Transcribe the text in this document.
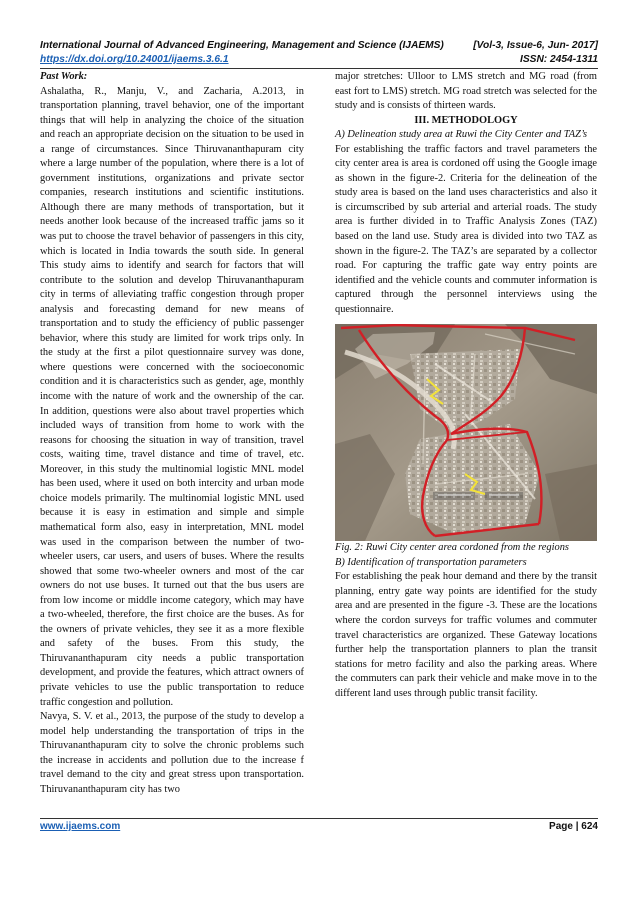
International Journal of Advanced Engineering, Management and Science (IJAEMS)	[Vol-3, Issue-6, Jun- 2017]
https://dx.doi.org/10.24001/ijaems.3.6.1	ISSN: 2454-1311

Past Work:

Ashalatha, R., Manju, V., and Zacharia, A.2013, in transportation planning, travel behavior, one of the important things that will help in analyzing the choice of the situation and reach an appropriate decision on the situation to be used in a range of circumstances. Since Thiruvananthapuram city where a large number of the population, where there is a lot of government institutions, organizations and private sector companies, research institutions and scientific institutions. Although there are many methods of transportation, but it needs another look because of the increased traffic jams so it was put to choose the travel behavior of passengers in this city, which is located in India towards the south side. In general This study aims to identify and search for factors that will contribute to the solution and develop Thiruvananthapuram city in terms of alleviating traffic congestion through proper analysis and forecasting demand for new means of transportation and to study the efficiency of public passenger behavior, where this study are limited for work trips only. In the study at the first a pilot questionnaire survey was done, where questions were concerned with the socioeconomic condition and it is characteristics such as gender, age, monthly income with the nature of work and the ownership of the car. In addition, questions were also about travel properties which included ways of transition from home to work with the reasons for choosing the situation in way of transition, travel costs, waiting time, travel distance and time of travel, etc. Moreover, in this study the multinomial logistic MNL model has been used, where it used on both intercity and urban mode choice models primarily. The multinomial logistic MNL used because it is easy in estimation and simple and simple mathematical form also, easy in interpretation, MNL model was used in the comparison between the number of two-wheeler users, car users, and users of buses. Where the results showed that some two-wheeler owners and most of the car owners do not use buses. It turned out that the bus users are from low income or middle income category, which may have a two-wheeled, therefore, the first choice are the buses. As for the owners of private vehicles, they see it as a more flexible and safety of the buses. From this study, the Thiruvananthapuram city needs a public transportation development, and provide the features, which attract owners of private vehicles to use the public transportation to reduce traffic congestion and pollution.

Navya, S. V. et al., 2013, the purpose of the study to develop a model help understanding the transportation of trips in the Thiruvananthapuram city to solve the chronic problems such the increase in accidents and pollution due to the increase f travel demand to the city and great stress upon transportation. Thiruvananthapuram city has two

major stretches: Ulloor to LMS stretch and MG road (from east fort to LMS) stretch. MG road stretch was selected for the study and is consists of thirteen wards.

III. METHODOLOGY

A) Delineation study area at Ruwi the City Center and TAZ’s

For establishing the traffic factors and travel parameters the city center area is area is cordoned off using the Google image as shown in the figure-2. Criteria for the delineation of the study area is based on the land uses characteristics and also it is circumscribed by sub arterial and arterial roads. The study area is further divided in to Traffic Analysis Zones (TAZ) based on the land use. Study area is divided into two TAZ as shown in the figure-2. The TAZ’s are separated by a collector road. For capturing the traffic gate way entry points are identified and the vehicle counts and commuter information is captured through the personnel interviews using the questionnaire.

Fig. 2: Ruwi City center area cordoned from the regions

B) Identification of transportation parameters

For establishing the peak hour demand and there by the transit planning, entry gate way points are identified for the study area and are presented in the figure -3. These are the locations where the cordon surveys for traffic volumes and commuter travel characteristics are organized. These Gateway locations further help the transportation planners to plan the transit stations for metro facility and also the parking areas. Where the commuters can park their vehicle and make move in to the different land uses through public transit facility.

www.ijaems.com	Page | 624
